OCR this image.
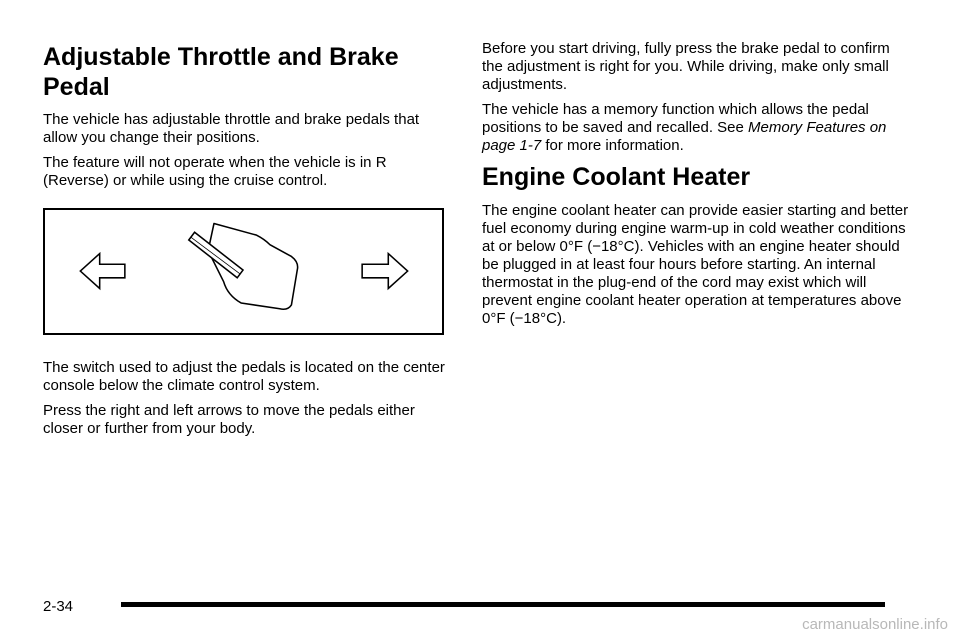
Adjustable Throttle and Brake Pedal

The vehicle has adjustable throttle and brake pedals that allow you change their positions.

The feature will not operate when the vehicle is in R (Reverse) or while using the cruise control.

The switch used to adjust the pedals is located on the center console below the climate control system.

Press the right and left arrows to move the pedals either closer or further from your body.

Before you start driving, fully press the brake pedal to confirm the adjustment is right for you. While driving, make only small adjustments.

The vehicle has a memory function which allows the pedal positions to be saved and recalled. See Memory Features on page 1-7 for more information.

Engine Coolant Heater

The engine coolant heater can provide easier starting and better fuel economy during engine warm-up in cold weather conditions at or below 0°F (−18°C). Vehicles with an engine heater should be plugged in at least four hours before starting. An internal thermostat in the plug-end of the cord may exist which will prevent engine coolant heater operation at temperatures above 0°F (−18°C).

2-34
carmanualsonline.info
